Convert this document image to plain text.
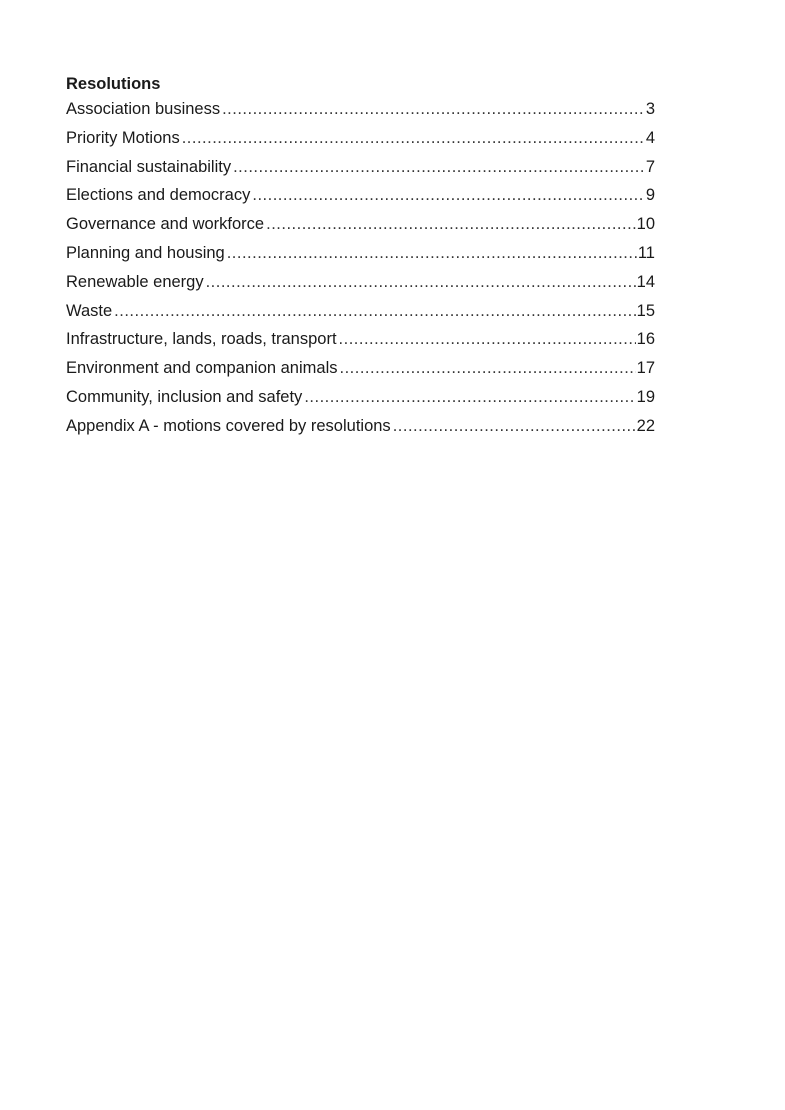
Resolutions
Association business .....	3
Priority Motions .....	4
Financial sustainability .....	7
Elections and democracy .....	9
Governance and workforce .....	10
Planning and housing .....	11
Renewable energy .....	14
Waste .....	15
Infrastructure, lands, roads, transport .....	16
Environment and companion animals .....	17
Community, inclusion and safety .....	19
Appendix A - motions covered by resolutions .....	22
